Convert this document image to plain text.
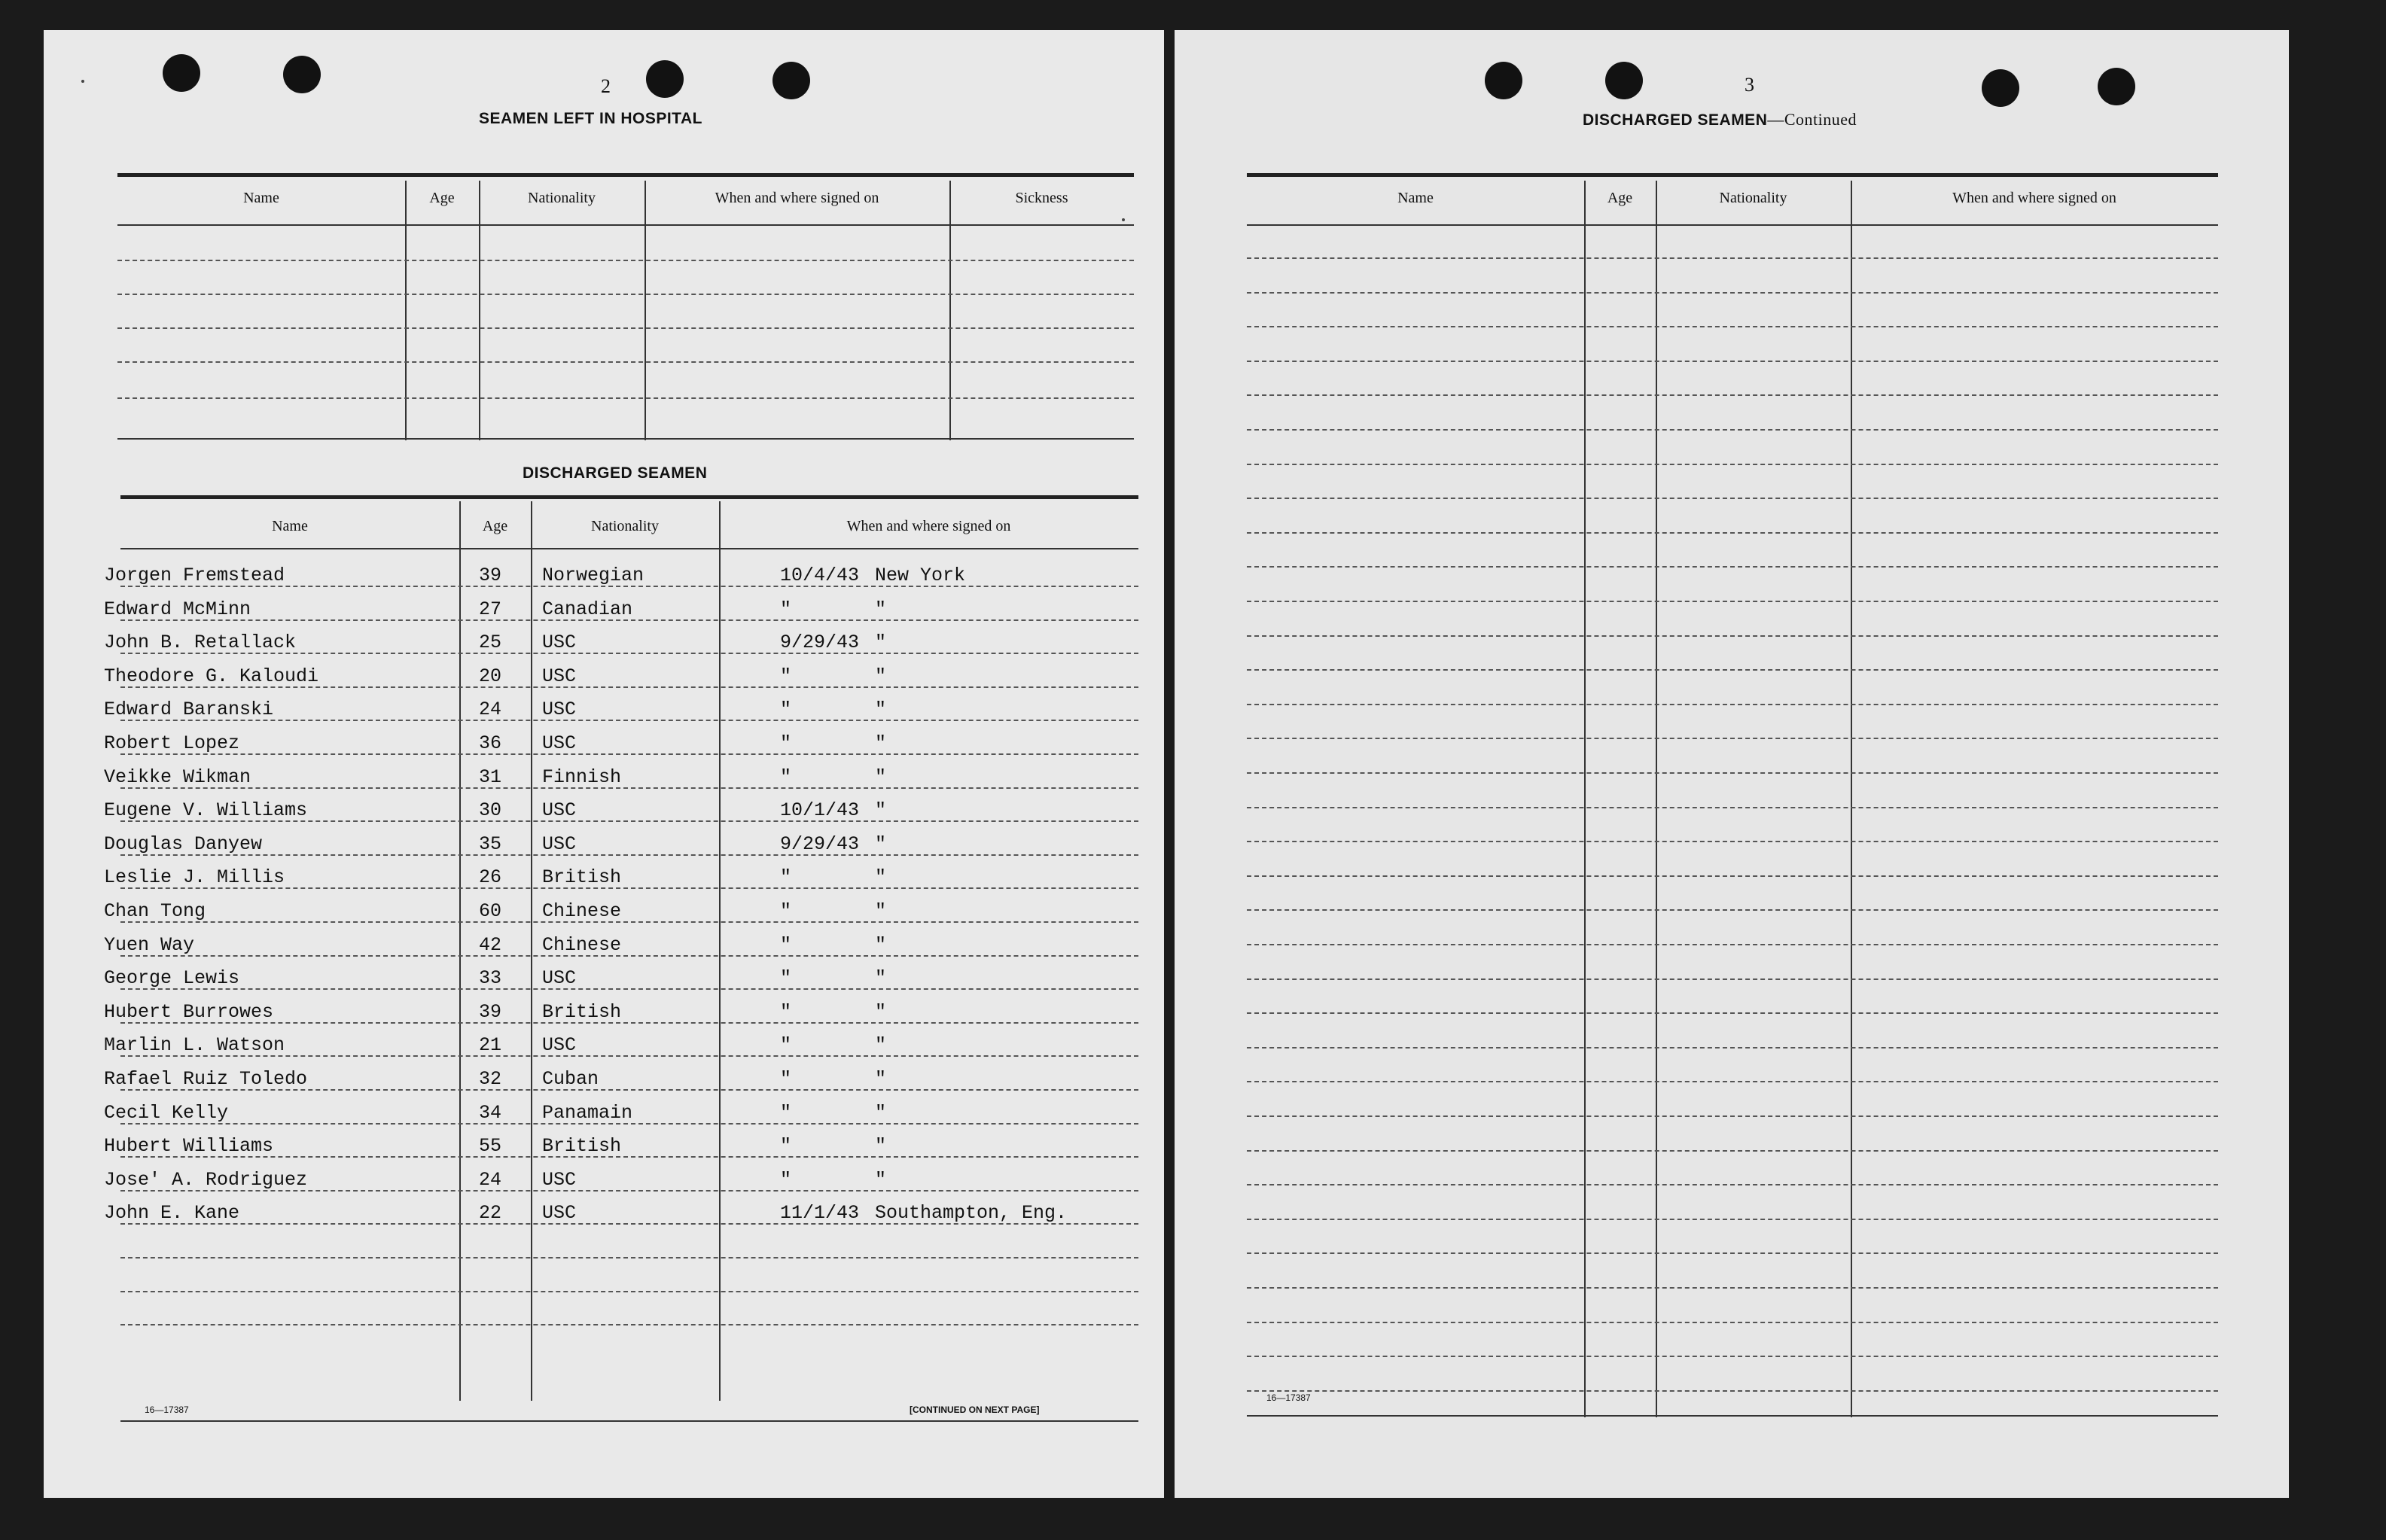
2
SEAMEN LEFT IN HOSPITAL
Name	Age	Nationality	When and where signed on	Sickness
DISCHARGED SEAMEN
Name	Age	Nationality	When and where signed on
Jorgen Fremstead	39 Norwegian	10/4/43 New York
Edward McMinn	27 Canadian	"	"
John B. Retallack	25 USC	9/29/43 "
Theodore G. Kaloudi	20 USC	"	"
Edward Baranski	24 USC	"	"
Robert Lopez	36 USC	"	"
Veikke Wikman	31 Finnish	"	"
Eugene V. Williams	30 USC	10/1/43 "
Douglas Danyew	35 USC	9/29/43 "
Leslie J. Millis	26 British	"	"
Chan Tong	60 Chinese	"	"
Yuen Way	42 Chinese	"	"
George Lewis	33 USC	"	"
Hubert Burrowes	39 British	"	"
Marlin L. Watson	21 USC	"	"
Rafael Ruiz Toledo	32 Cuban	"	"
Cecil Kelly	34 Panamain	"	"
Hubert Williams	55 British	"	"
Jose' A. Rodriguez	24 USC	"	"
John E. Kane	22 USC	11/1/43 Southampton, Eng.
16—17387	[CONTINUED ON NEXT PAGE]
3
DISCHARGED SEAMEN—Continued
Name	Age	Nationality	When and where signed on
16—17387
